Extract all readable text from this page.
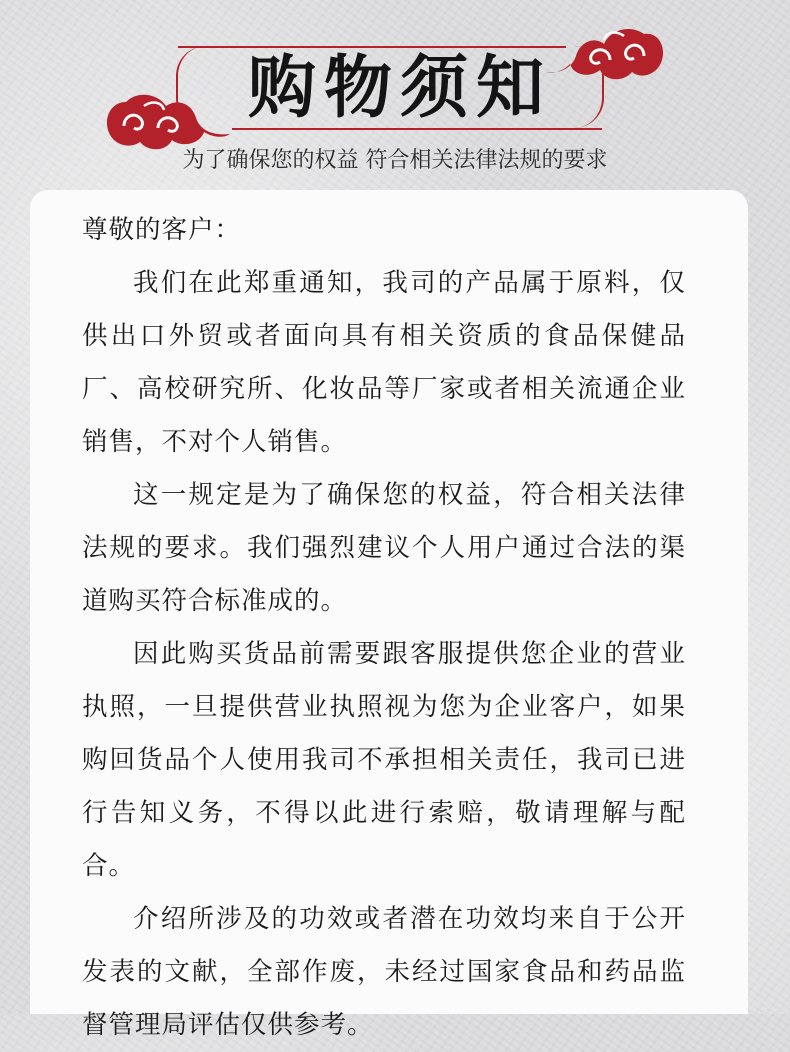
购物须知
为了确保您的权益 符合相关法律法规的要求

尊敬的客户：

我们在此郑重通知，我司的产品属于原料，仅供出口外贸或者面向具有相关资质的食品保健品厂、高校研究所、化妆品等厂家或者相关流通企业销售，不对个人销售。

这一规定是为了确保您的权益，符合相关法律法规的要求。我们强烈建议个人用户通过合法的渠道购买符合标准成的。

因此购买货品前需要跟客服提供您企业的营业执照，一旦提供营业执照视为您为企业客户，如果购回货品个人使用我司不承担相关责任，我司已进行告知义务，不得以此进行索赔，敬请理解与配合。

介绍所涉及的功效或者潜在功效均来自于公开发表的文献，全部作废，未经过国家食品和药品监督管理局评估仅供参考。
